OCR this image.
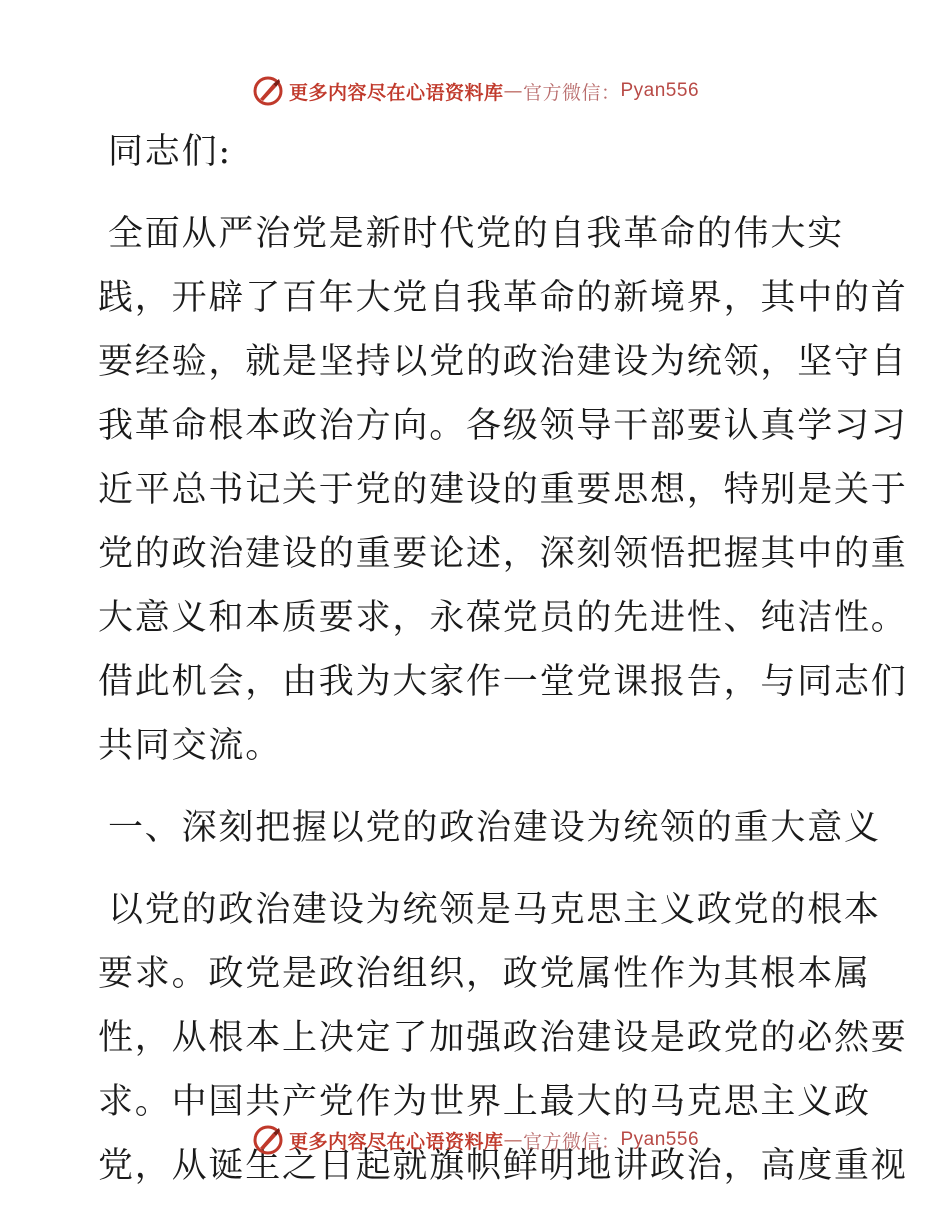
更多内容尽在心语资料库 — 官方微信： Pyan556
同志们:
全面从严治党是新时代党的自我革命的伟大实
践，开辟了百年大党自我革命的新境界，其中的首
要经验，就是坚持以党的政治建设为统领，坚守自
我革命根本政治方向。各级领导干部要认真学习习
近平总书记关于党的建设的重要思想，特别是关于
党的政治建设的重要论述，深刻领悟把握其中的重
大意义和本质要求，永葆党员的先进性、纯洁性。
借此机会，由我为大家作一堂党课报告，与同志们
共同交流。
一、深刻把握以党的政治建设为统领的重大意义
以党的政治建设为统领是马克思主义政党的根本
要求。政党是政治组织，政党属性作为其根本属
性，从根本上决定了加强政治建设是政党的必然要
求。中国共产党作为世界上最大的马克思主义政
党，从诞生之日起就旗帜鲜明地讲政治，高度重视
更多内容尽在心语资料库 — 官方微信： Pyan556
